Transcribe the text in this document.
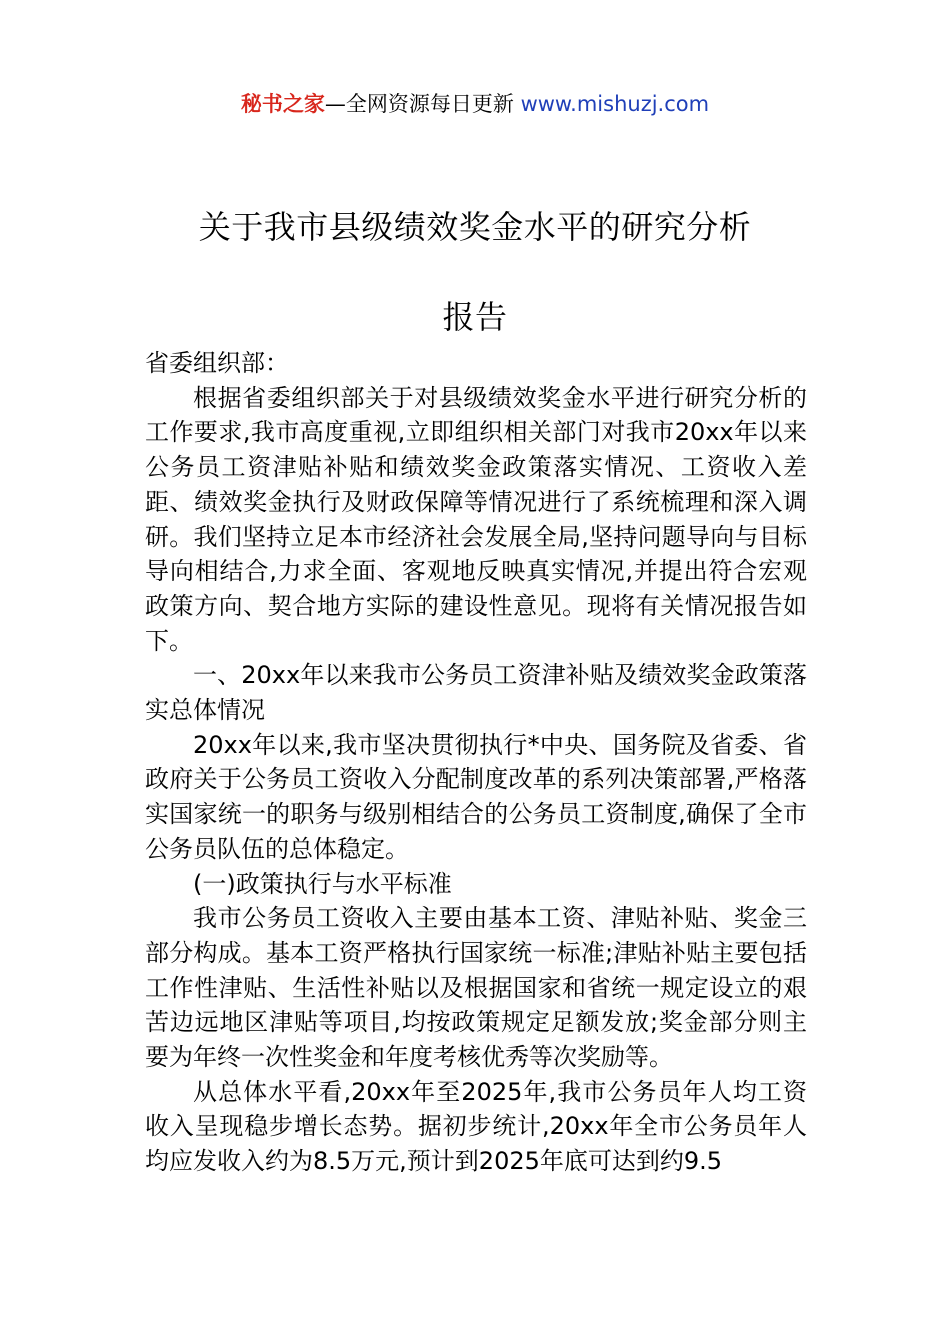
秘书之家—全网资源每日更新 www.mishuzj.com
关于我市县级绩效奖金水平的研究分析
报告

省委组织部：

根据省委组织部关于对县级绩效奖金水平进行研究分析的工作要求,我市高度重视,立即组织相关部门对我市20xx年以来公务员工资津贴补贴和绩效奖金政策落实情况、工资收入差距、绩效奖金执行及财政保障等情况进行了系统梳理和深入调研。我们坚持立足本市经济社会发展全局,坚持问题导向与目标导向相结合,力求全面、客观地反映真实情况,并提出符合宏观政策方向、契合地方实际的建设性意见。现将有关情况报告如下。

一、20xx年以来我市公务员工资津补贴及绩效奖金政策落实总体情况

20xx年以来,我市坚决贯彻执行*中央、国务院及省委、省政府关于公务员工资收入分配制度改革的系列决策部署,严格落实国家统一的职务与级别相结合的公务员工资制度,确保了全市公务员队伍的总体稳定。

(一)政策执行与水平标准

我市公务员工资收入主要由基本工资、津贴补贴、奖金三部分构成。基本工资严格执行国家统一标准;津贴补贴主要包括工作性津贴、生活性补贴以及根据国家和省统一规定设立的艰苦边远地区津贴等项目,均按政策规定足额发放;奖金部分则主要为年终一次性奖金和年度考核优秀等次奖励等。

从总体水平看,20xx年至2025年,我市公务员年人均工资收入呈现稳步增长态势。据初步统计,20xx年全市公务员年人均应发收入约为8.5万元,预计到2025年底可达到约9.5
